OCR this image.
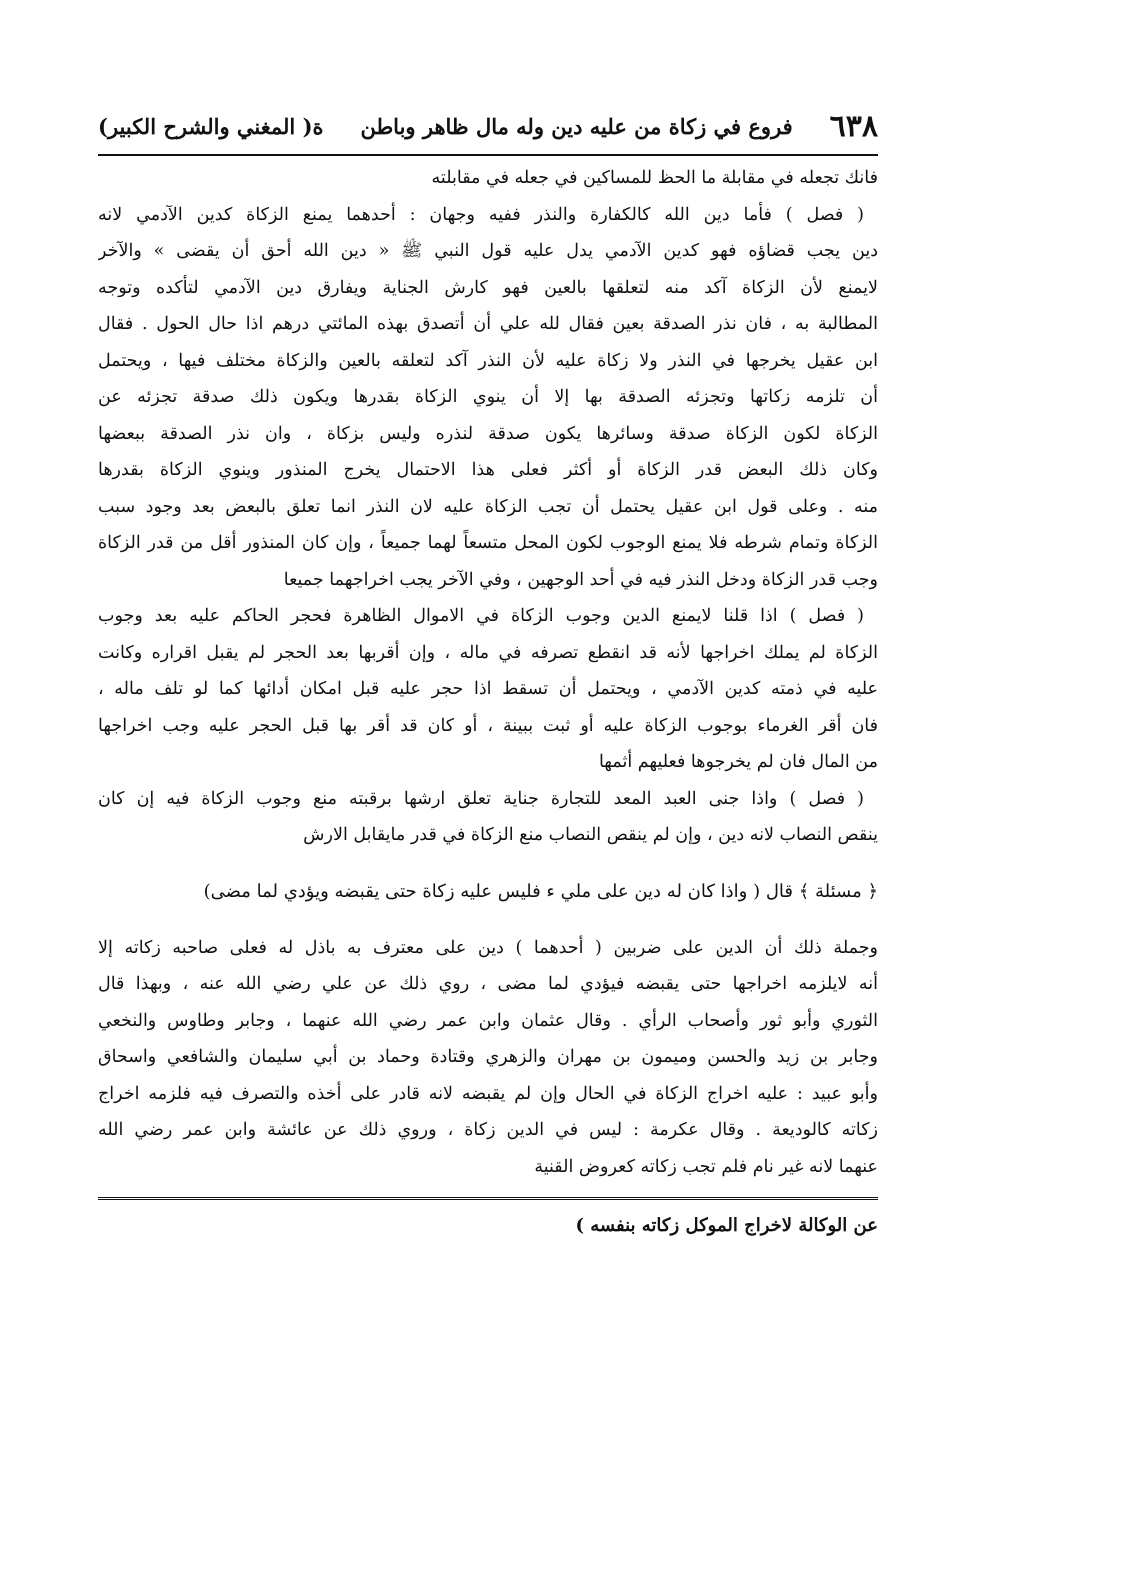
٦٣٨
فروع في زكاة من عليه دين وله مال ظاهر وباطن
ة( المغني والشرح الكبير)
فانك تجعله في مقابلة ما الحظ للمساكين في جعله في مقابلته
( فصل ) فأما دين الله كالكفارة والنذر ففيه وجهان : أحدهما يمنع الزكاة كدين الآدمي لانه
دين يجب قضاؤه فهو كدين الآدمي يدل عليه قول النبي ﷺ « دين الله أحق أن يقضى » والآخر
لايمنع لأن الزكاة آكد منه لتعلقها بالعين فهو كارش الجناية ويفارق دين الآدمي لتأكده وتوجه
المطالبة به ، فان نذر الصدقة بعين فقال لله علي أن أتصدق بهذه المائتي درهم اذا حال الحول . فقال
ابن عقيل يخرجها في النذر ولا زكاة عليه لأن النذر آكد لتعلقه بالعين والزكاة مختلف فيها ، ويحتمل
أن تلزمه زكاتها وتجزئه الصدقة بها إلا أن ينوي الزكاة بقدرها ويكون ذلك صدقة تجزئه عن
الزكاة لكون الزكاة صدقة وسائرها يكون صدقة لنذره وليس بزكاة ، وان نذر الصدقة ببعضها
وكان ذلك البعض قدر الزكاة أو أكثر فعلى هذا الاحتمال يخرج المنذور وينوي الزكاة بقدرها
منه . وعلى قول ابن عقيل يحتمل أن تجب الزكاة عليه لان النذر انما تعلق بالبعض بعد وجود سبب
الزكاة وتمام شرطه فلا يمنع الوجوب لكون المحل متسعاً لهما جميعاً ، وإن كان المنذور أقل من قدر الزكاة
وجب قدر الزكاة ودخل النذر فيه في أحد الوجهين ، وفي الآخر يجب اخراجهما جميعا
( فصل ) اذا قلنا لايمنع الدين وجوب الزكاة في الاموال الظاهرة فحجر الحاكم عليه بعد وجوب
الزكاة لم يملك اخراجها لأنه قد انقطع تصرفه في ماله ، وإن أقربها بعد الحجر لم يقبل اقراره وكانت
عليه في ذمته كدين الآدمي ، ويحتمل أن تسقط اذا حجر عليه قبل امكان أدائها كما لو تلف ماله ،
فان أقر الغرماء بوجوب الزكاة عليه أو ثبت ببينة ، أو كان قد أقر بها قبل الحجر عليه وجب اخراجها
من المال فان لم يخرجوها فعليهم أثمها
( فصل ) واذا جنى العبد المعد للتجارة جناية تعلق ارشها برقبته منع وجوب الزكاة فيه إن كان
ينقص النصاب لانه دين ، وإن لم ينقص النصاب منع الزكاة في قدر مايقابل الارش
﴿ مسئلة ﴾ قال ( واذا كان له دين على ملي ء فليس عليه زكاة حتى يقبضه ويؤدي لما مضى)
وجملة ذلك أن الدين على ضربين ( أحدهما ) دين على معترف به باذل له فعلى صاحبه زكاته إلا
أنه لايلزمه اخراجها حتى يقبضه فيؤدي لما مضى ، روي ذلك عن علي رضي الله عنه ، وبهذا قال
الثوري وأبو ثور وأصحاب الرأي . وقال عثمان وابن عمر رضي الله عنهما ، وجابر وطاوس والنخعي
وجابر بن زيد والحسن وميمون بن مهران والزهري وقتادة وحماد بن أبي سليمان والشافعي واسحاق
وأبو عبيد : عليه اخراج الزكاة في الحال وإن لم يقبضه لانه قادر على أخذه والتصرف فيه فلزمه اخراج
زكاته كالوديعة . وقال عكرمة : ليس في الدين زكاة ، وروي ذلك عن عائشة وابن عمر رضي الله
عنهما لانه غير نام فلم تجب زكاته كعروض القنية
عن الوكالة لاخراج الموكل زكاته بنفسه )
